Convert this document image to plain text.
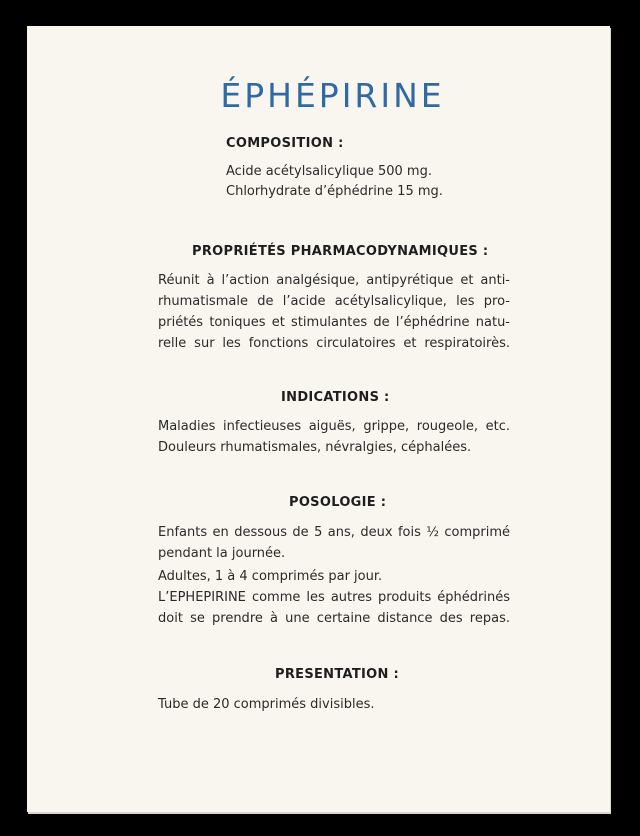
ÉPHÉPIRINE
COMPOSITION :
Acide acétylsalicylique 500 mg.
Chlorhydrate d’éphédrine 15 mg.
PROPRIÉTÉS PHARMACODYNAMIQUES :
Réunit à l’action analgésique, antipyrétique et anti-
rhumatismale de l’acide acétylsalicylique, les pro-
priétés toniques et stimulantes de l’éphédrine natu-
relle sur les fonctions circulatoires et respiratoirès.
INDICATIONS :
Maladies infectieuses aiguës, grippe, rougeole, etc.
Douleurs rhumatismales, névralgies, céphalées.
POSOLOGIE :
Enfants en dessous de 5 ans, deux fois ½ comprimé
pendant la journée.
Adultes, 1 à 4 comprimés par jour.
L’EPHEPIRINE comme les autres produits éphédrinés
doit se prendre à une certaine distance des repas.
PRESENTATION :
Tube de 20 comprimés divisibles.
